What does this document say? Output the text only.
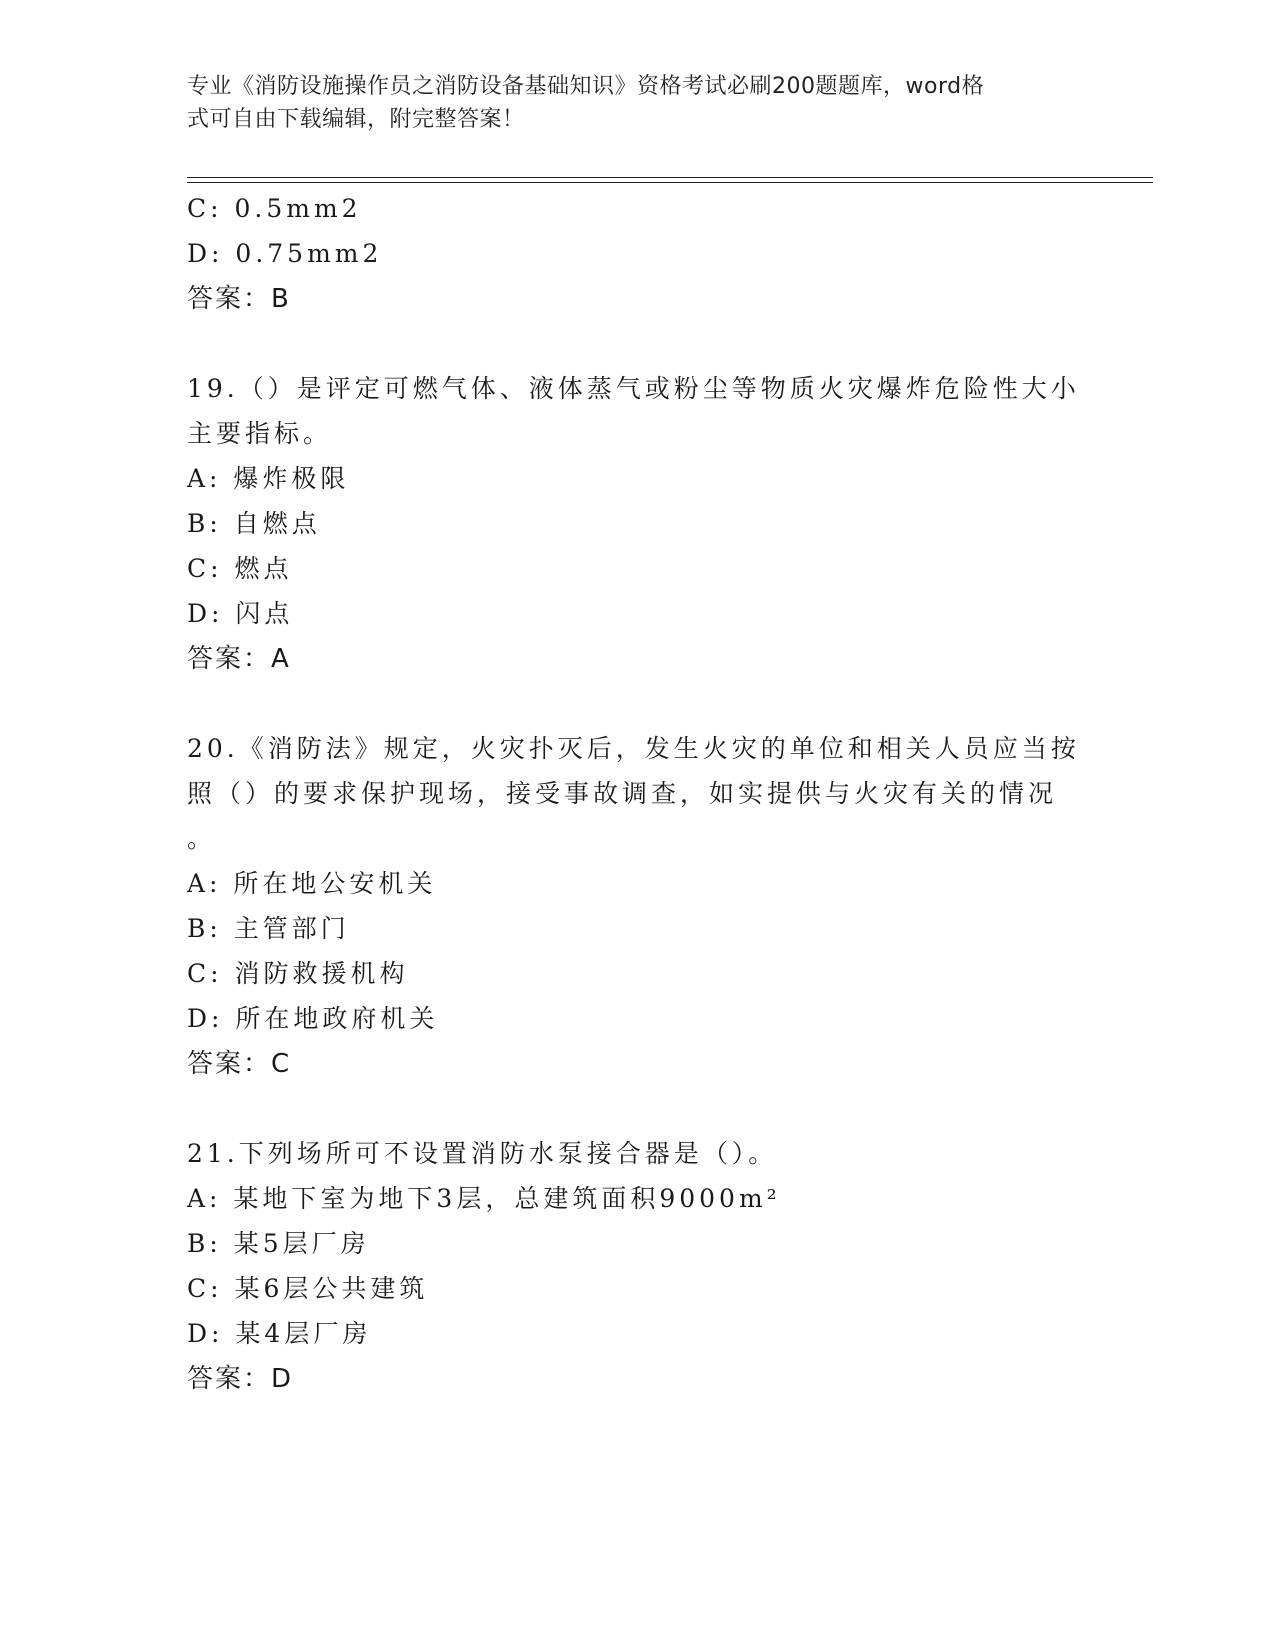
专业《消防设施操作员之消防设备基础知识》资格考试必刷200题题库，word格
式可自由下载编辑，附完整答案！
C: 0.5mm2
D: 0.75mm2
答案：B
19.（）是评定可燃气体、液体蒸气或粉尘等物质火灾爆炸危险性大小
主要指标。
A: 爆炸极限
B: 自燃点
C: 燃点
D: 闪点
答案：A
20.《消防法》规定，火灾扑灭后，发生火灾的单位和相关人员应当按
照（）的要求保护现场，接受事故调查，如实提供与火灾有关的情况
。
A: 所在地公安机关
B: 主管部门
C: 消防救援机构
D: 所在地政府机关
答案：C
21.下列场所可不设置消防水泵接合器是（）。
A: 某地下室为地下3层，总建筑面积9000m²
B: 某5层厂房
C: 某6层公共建筑
D: 某4层厂房
答案：D
